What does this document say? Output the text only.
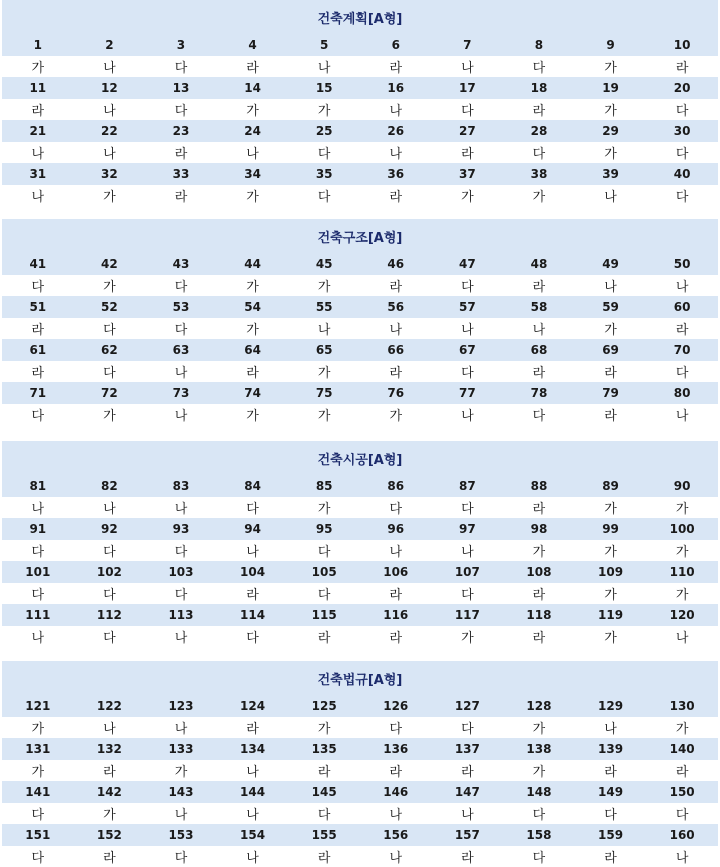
건축계획[A형]
1	2	3	4	5	6	7	8	9	10
가	나	다	라	나	라	나	다	가	라
11	12	13	14	15	16	17	18	19	20
라	나	다	가	가	나	다	라	가	다
21	22	23	24	25	26	27	28	29	30
나	나	라	나	다	나	라	다	가	다
31	32	33	34	35	36	37	38	39	40
나	가	라	가	다	라	가	가	나	다
건축구조[A형]
41	42	43	44	45	46	47	48	49	50
다	가	다	가	가	라	다	라	나	나
51	52	53	54	55	56	57	58	59	60
라	다	다	가	나	나	나	나	가	라
61	62	63	64	65	66	67	68	69	70
라	다	나	라	가	라	다	라	라	다
71	72	73	74	75	76	77	78	79	80
다	가	나	가	가	가	나	다	라	나
건축시공[A형]
81	82	83	84	85	86	87	88	89	90
나	나	나	다	가	다	다	라	가	가
91	92	93	94	95	96	97	98	99	100
다	다	다	나	다	나	나	가	가	가
101	102	103	104	105	106	107	108	109	110
다	다	다	라	다	라	다	라	가	가
111	112	113	114	115	116	117	118	119	120
나	다	나	다	라	라	가	라	가	나
건축법규[A형]
121	122	123	124	125	126	127	128	129	130
가	나	나	라	가	다	다	가	나	가
131	132	133	134	135	136	137	138	139	140
가	라	가	나	라	라	라	가	라	라
141	142	143	144	145	146	147	148	149	150
다	가	나	나	다	나	나	다	다	다
151	152	153	154	155	156	157	158	159	160
다	라	다	나	라	나	라	다	라	나
